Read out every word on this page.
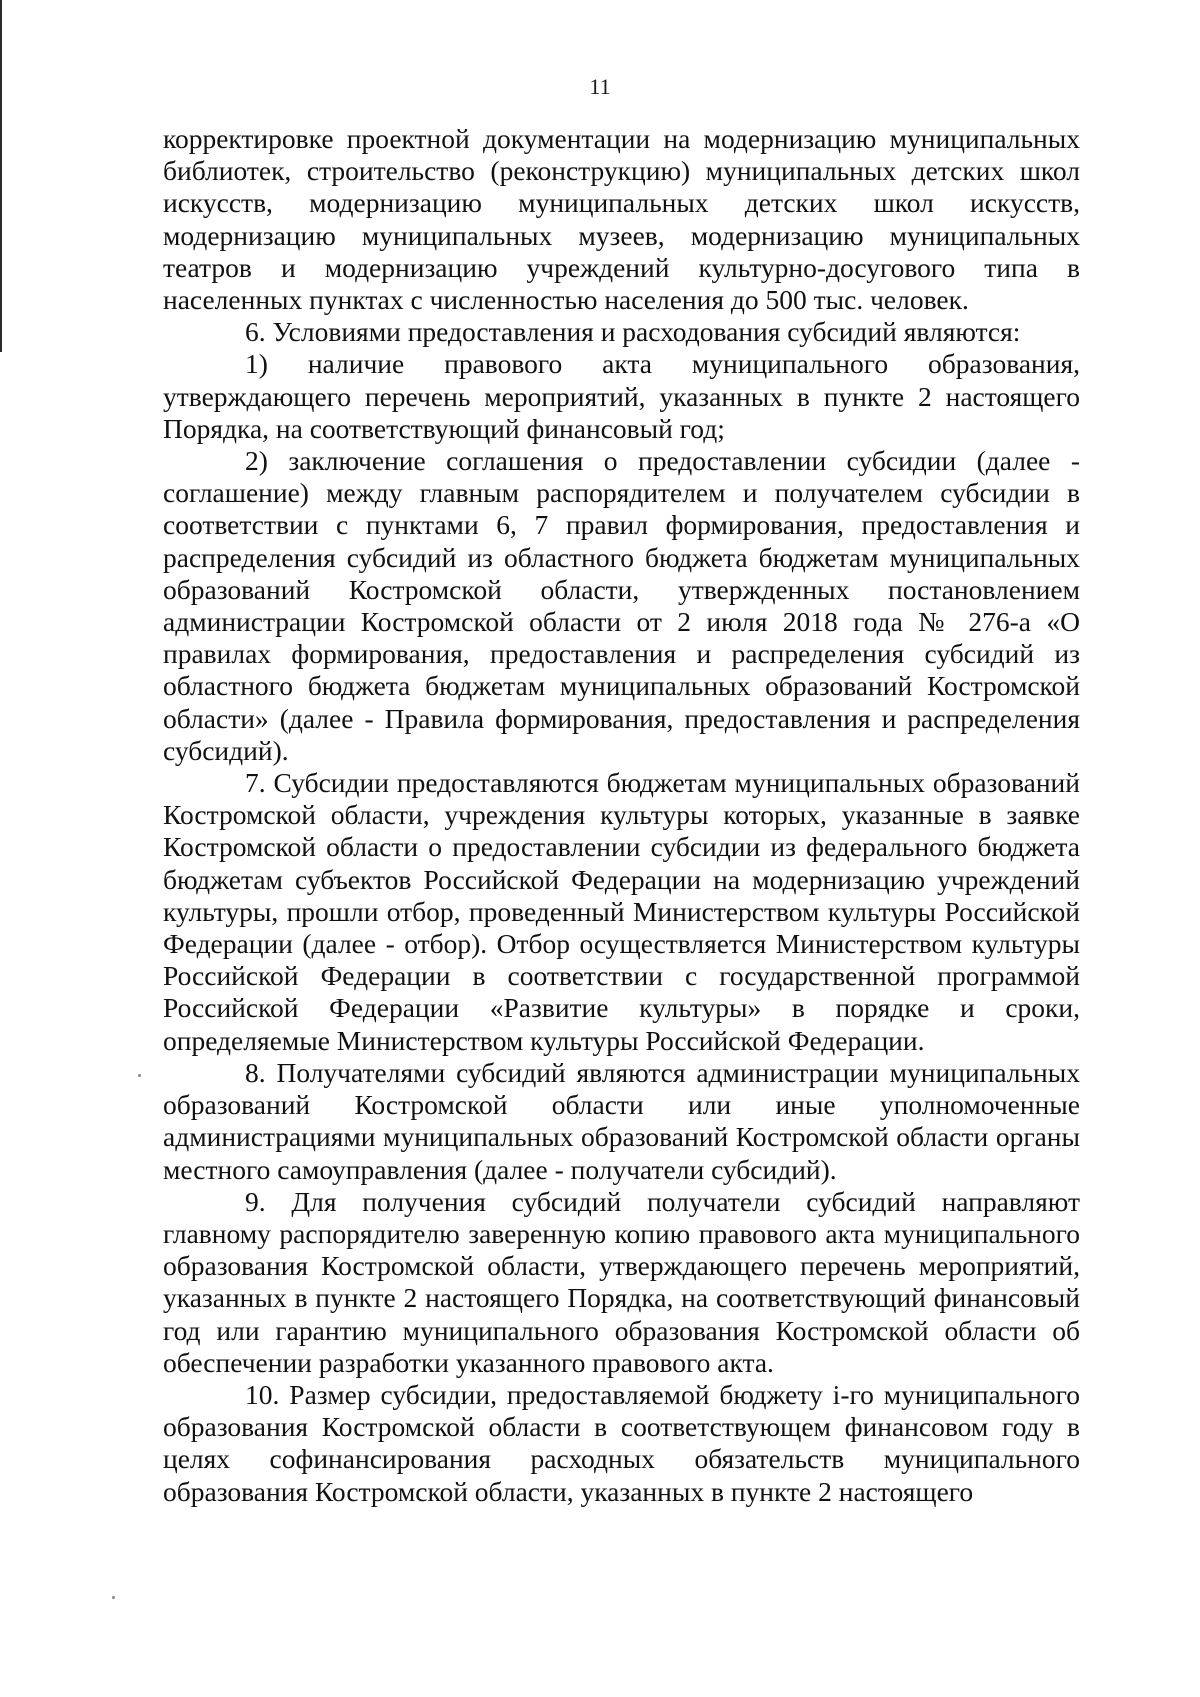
11

корректировке проектной документации на модернизацию муниципальных библиотек, строительство (реконструкцию) муниципальных детских школ искусств, модернизацию муниципальных детских школ искусств, модернизацию муниципальных музеев, модернизацию муниципальных театров и модернизацию учреждений культурно-досугового типа в населенных пунктах с численностью населения до 500 тыс. человек.

6. Условиями предоставления и расходования субсидий являются:

1) наличие правового акта муниципального образования, утверждающего перечень мероприятий, указанных в пункте 2 настоящего Порядка, на соответствующий финансовый год;

2) заключение соглашения о предоставлении субсидии (далее - соглашение) между главным распорядителем и получателем субсидии в соответствии с пунктами 6, 7 правил формирования, предоставления и распределения субсидий из областного бюджета бюджетам муниципальных образований Костромской области, утвержденных постановлением администрации Костромской области от 2 июля 2018 года № 276-а «О правилах формирования, предоставления и распределения субсидий из областного бюджета бюджетам муниципальных образований Костромской области» (далее - Правила формирования, предоставления и распределения субсидий).

7. Субсидии предоставляются бюджетам муниципальных образований Костромской области, учреждения культуры которых, указанные в заявке Костромской области о предоставлении субсидии из федерального бюджета бюджетам субъектов Российской Федерации на модернизацию учреждений культуры, прошли отбор, проведенный Министерством культуры Российской Федерации (далее - отбор). Отбор осуществляется Министерством культуры Российской Федерации в соответствии с государственной программой Российской Федерации «Развитие культуры» в порядке и сроки, определяемые Министерством культуры Российской Федерации.

8. Получателями субсидий являются администрации муниципальных образований Костромской области или иные уполномоченные администрациями муниципальных образований Костромской области органы местного самоуправления (далее - получатели субсидий).

9. Для получения субсидий получатели субсидий направляют главному распорядителю заверенную копию правового акта муниципального образования Костромской области, утверждающего перечень мероприятий, указанных в пункте 2 настоящего Порядка, на соответствующий финансовый год или гарантию муниципального образования Костромской области об обеспечении разработки указанного правового акта.

10. Размер субсидии, предоставляемой бюджету i-го муниципального образования Костромской области в соответствующем финансовом году в целях софинансирования расходных обязательств муниципального образования Костромской области, указанных в пункте 2 настоящего
